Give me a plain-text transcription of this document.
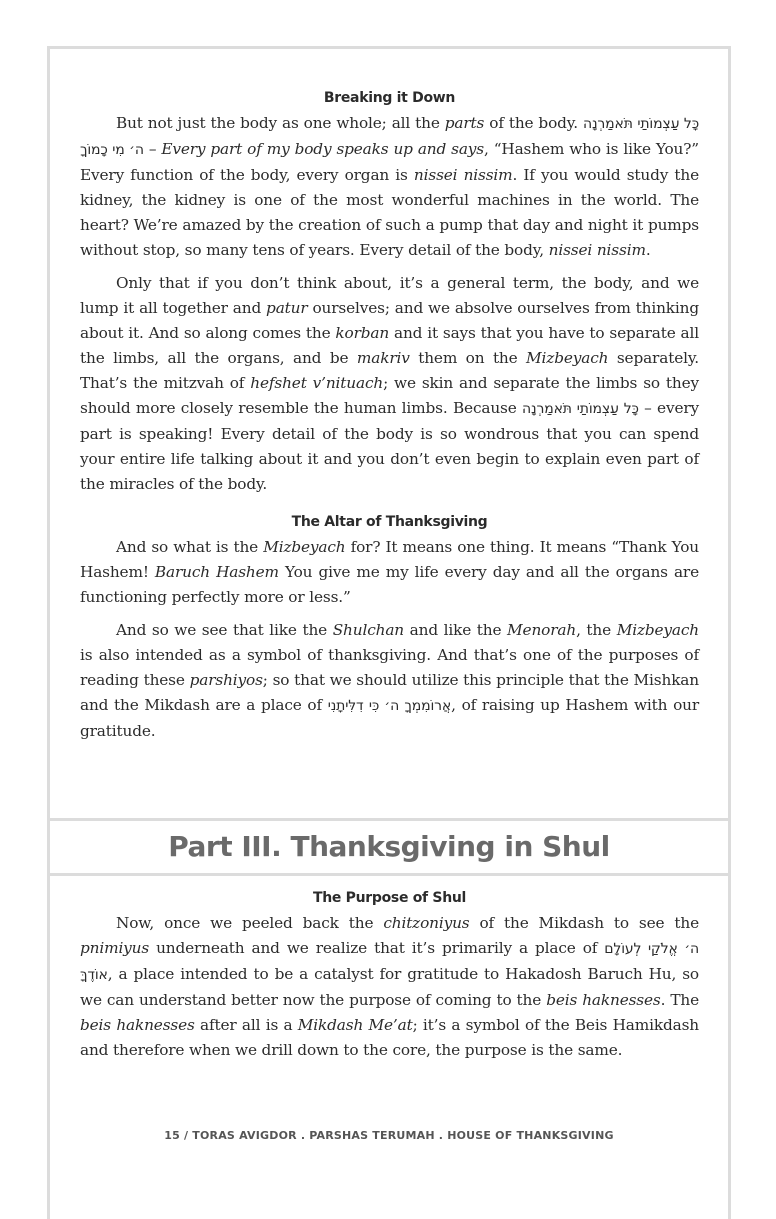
Breaking it Down

But not just the body as one whole; all the parts of the body. כָּל עַצְמוֹתַי תֹּאמַרְנָה ה׳ מִי כָמוֹךָ – Every part of my body speaks up and says, “Hashem who is like You?” Every function of the body, every organ is nissei nissim. If you would study the kidney, the kidney is one of the most wonderful machines in the world. The heart? We’re amazed by the creation of such a pump that day and night it pumps without stop, so many tens of years. Every detail of the body, nissei nissim.

Only that if you don’t think about, it’s a general term, the body, and we lump it all together and patur ourselves; and we absolve ourselves from thinking about it. And so along comes the korban and it says that you have to separate all the limbs, all the organs, and be makriv them on the Mizbeyach separately. That’s the mitzvah of hefshet v’nituach; we skin and separate the limbs so they should more closely resemble the human limbs. Because כָּל עַצְמוֹתַי תֹּאמַרְנָה – every part is speaking! Every detail of the body is so wondrous that you can spend your entire life talking about it and you don’t even begin to explain even part of the miracles of the body.

The Altar of Thanksgiving

And so what is the Mizbeyach for? It means one thing. It means “Thank You Hashem! Baruch Hashem You give me my life every day and all the organs are functioning perfectly more or less.”

And so we see that like the Shulchan and like the Menorah, the Mizbeyach is also intended as a symbol of thanksgiving. And that’s one of the purposes of reading these parshiyos; so that we should utilize this principle that the Mishkan and the Mikdash are a place of אֲרוֹמִמְךָ ה׳ כִּי דִלִּיתָנִי, of raising up Hashem with our gratitude.

Part III. Thanksgiving in Shul
The Purpose of Shul

Now, once we peeled back the chitzoniyus of the Mikdash to see the pnimiyus underneath and we realize that it’s primarily a place of ה׳ אֱלֹקַי לְעוֹלָם אוֹדֶךָּ, a place intended to be a catalyst for gratitude to Hakadosh Baruch Hu, so we can understand better now the purpose of coming to the beis haknesses. The beis haknesses after all is a Mikdash Me’at; it’s a symbol of the Beis Hamikdash and therefore when we drill down to the core, the purpose is the same.

15 / TORAS AVIGDOR . PARSHAS TERUMAH . HOUSE OF THANKSGIVING
